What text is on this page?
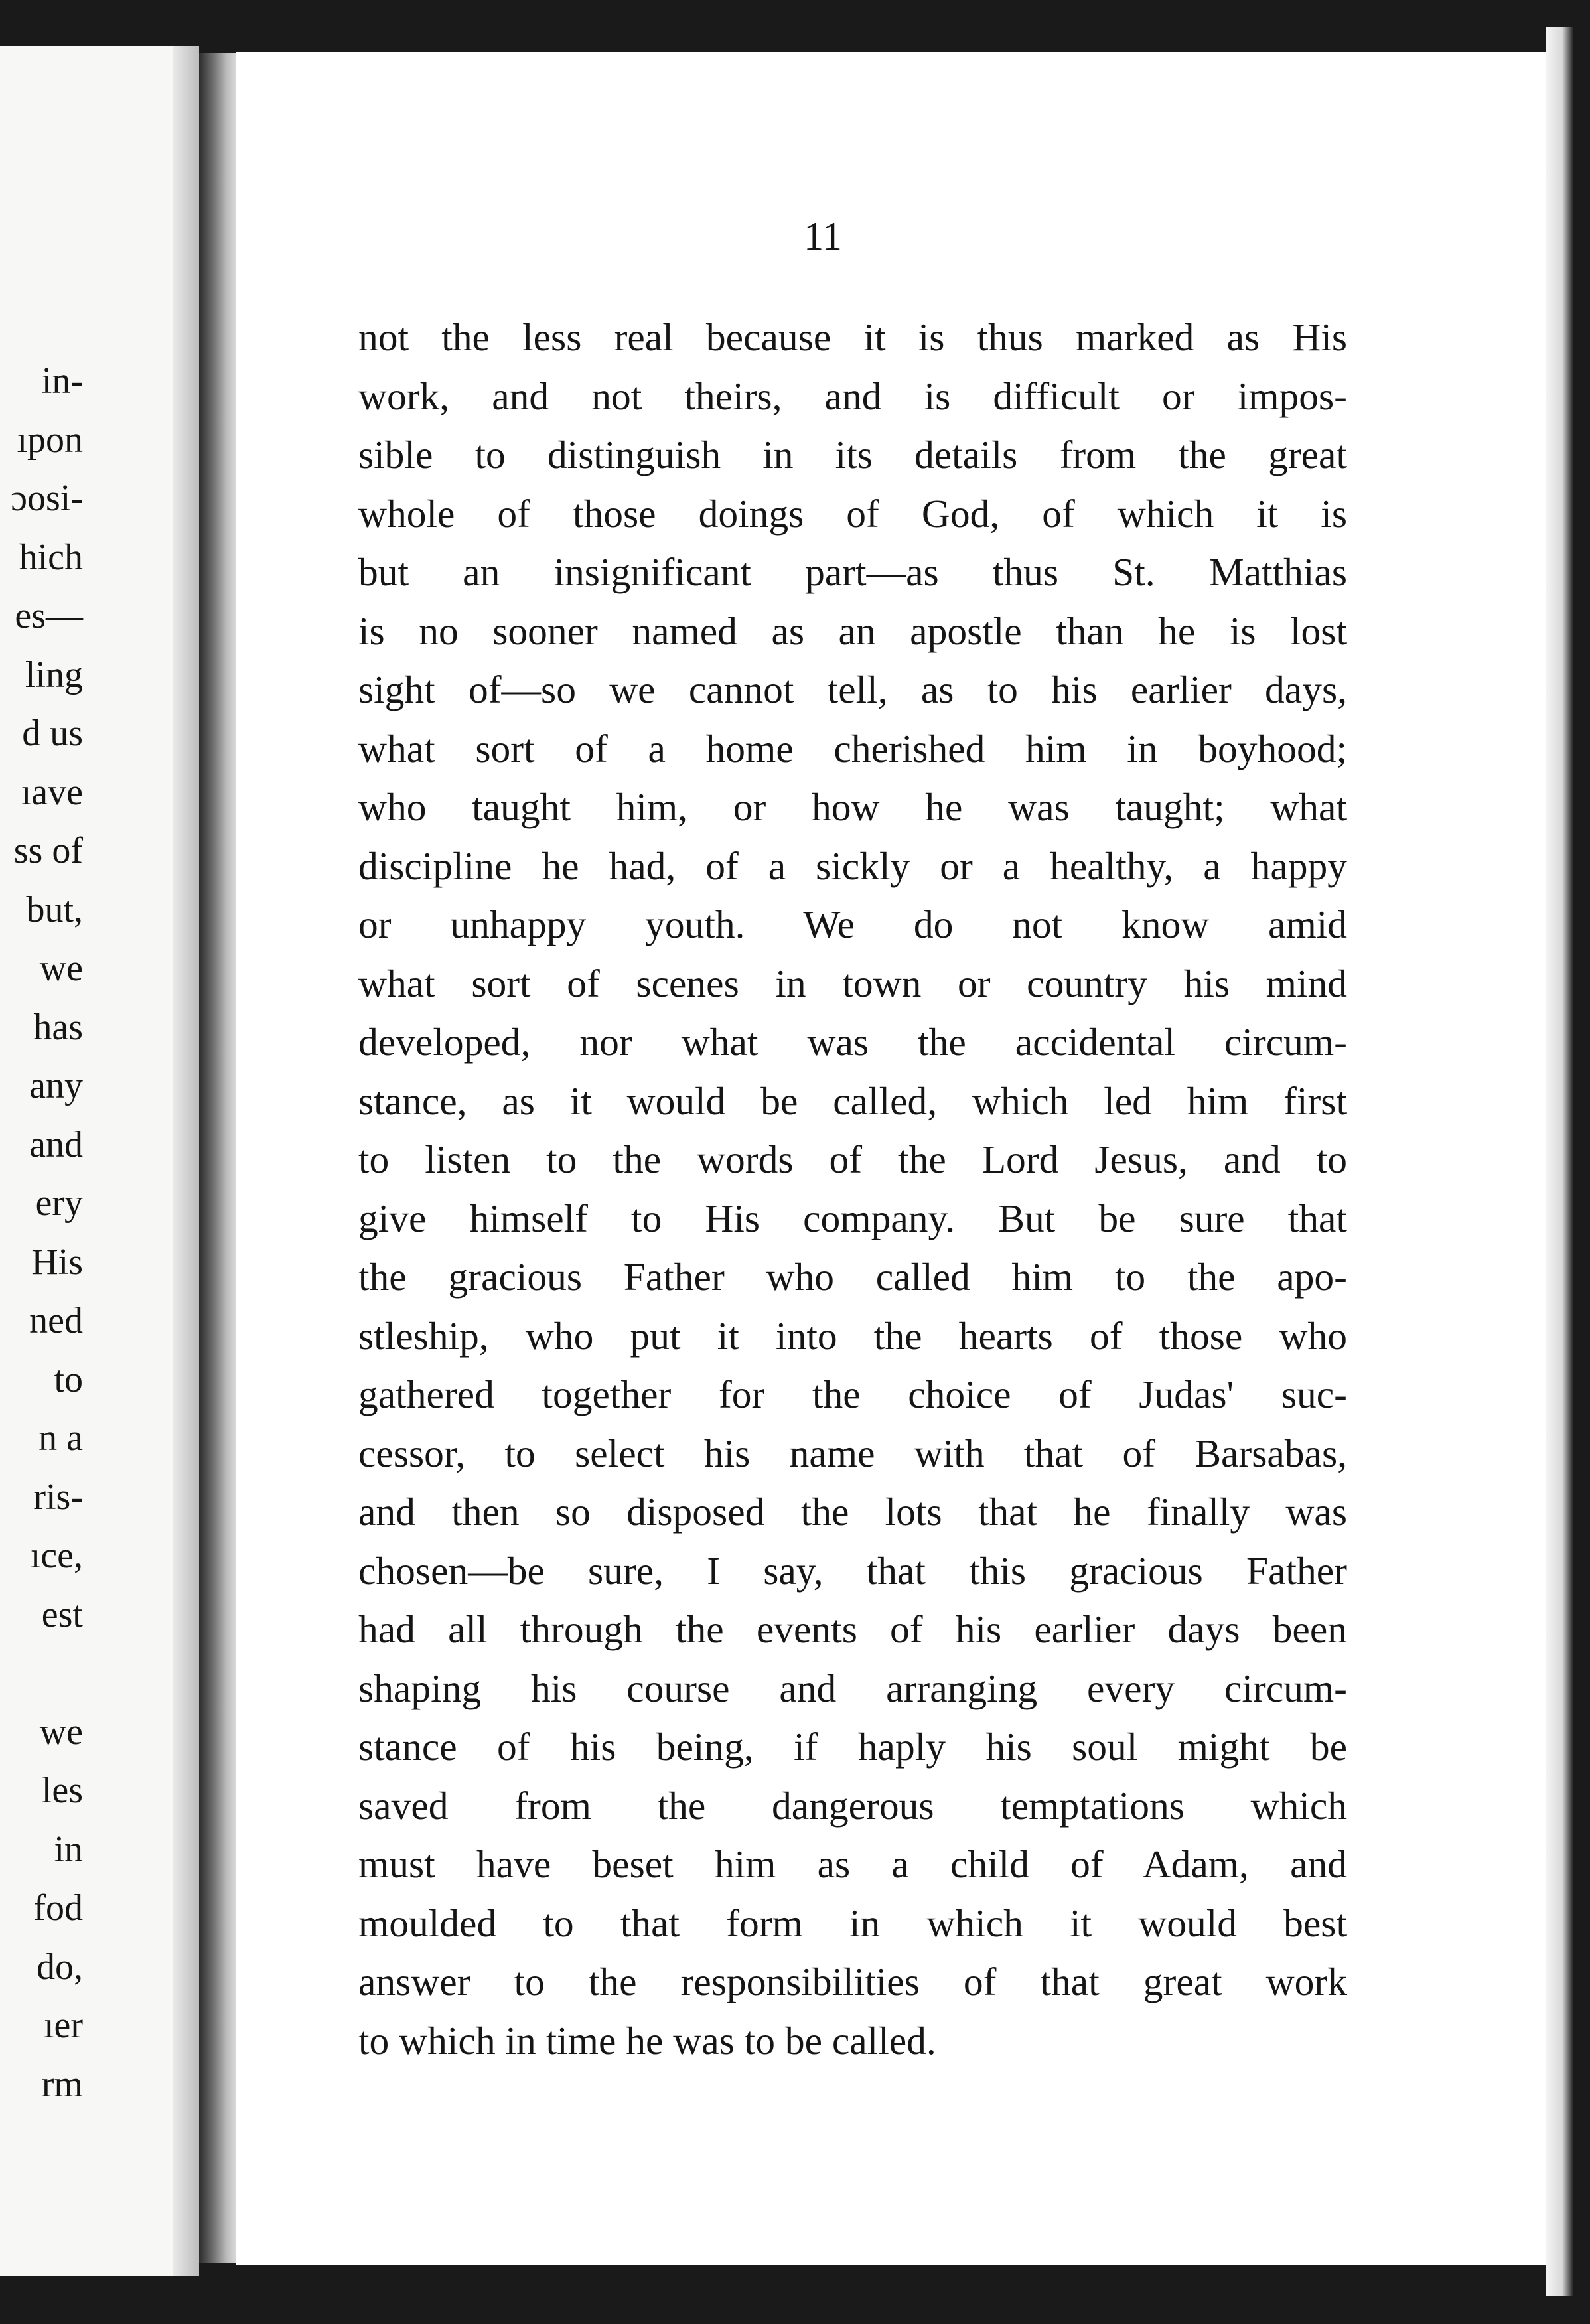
in-
ıpon
ɔosi-
hich
es—
ling
d us
ıave
ss of
but,
we
has
any
and
ery
His
ned
to
n a
ris-
ıce,
est
we
les
in
fod
do,
ıer
rm
11
not the less real because it is thus marked as His
work, and not theirs, and is difficult or impos-
sible to distinguish in its details from the great
whole of those doings of God, of which it is
but an insignificant part—as thus St. Matthias
is no sooner named as an apostle than he is lost
sight of—so we cannot tell, as to his earlier days,
what sort of a home cherished him in boyhood;
who taught him, or how he was taught; what
discipline he had, of a sickly or a healthy, a happy
or unhappy youth. We do not know amid
what sort of scenes in town or country his mind
developed, nor what was the accidental circum-
stance, as it would be called, which led him first
to listen to the words of the Lord Jesus, and to
give himself to His company. But be sure that
the gracious Father who called him to the apo-
stleship, who put it into the hearts of those who
gathered together for the choice of Judas' suc-
cessor, to select his name with that of Barsabas,
and then so disposed the lots that he finally was
chosen—be sure, I say, that this gracious Father
had all through the events of his earlier days been
shaping his course and arranging every circum-
stance of his being, if haply his soul might be
saved from the dangerous temptations which
must have beset him as a child of Adam, and
moulded to that form in which it would best
answer to the responsibilities of that great work
to which in time he was to be called.
